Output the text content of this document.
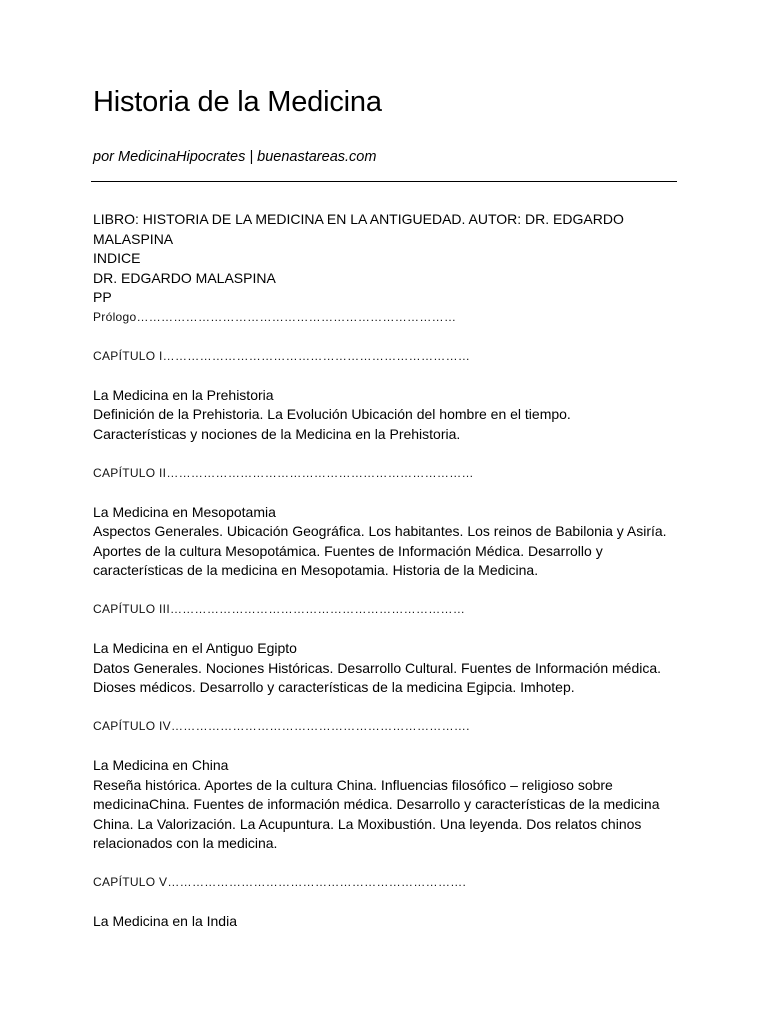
Historia de la Medicina
por MedicinaHipocrates | buenastareas.com

LIBRO: HISTORIA DE LA MEDICINA EN LA ANTIGUEDAD. AUTOR: DR. EDGARDO

MALASPINA

INDICE

DR. EDGARDO MALASPINA

PP

Prólogo……………………………………………………………………

CAPÍTULO I…………………………………………………………………

La Medicina en la Prehistoria

Definición de la Prehistoria. La Evolución Ubicación del hombre en el tiempo.

Características y nociones de la Medicina en la Prehistoria.

CAPÍTULO II…………………………………………………………………

La Medicina en Mesopotamia

Aspectos Generales. Ubicación Geográfica. Los habitantes. Los reinos de Babilonia y Asiría.

Aportes de la cultura Mesopotámica. Fuentes de Información Médica. Desarrollo y

características de la medicina en Mesopotamia. Historia de la Medicina.

CAPÍTULO III………………………………………………………………

La Medicina en el Antiguo Egipto

Datos Generales. Nociones Históricas. Desarrollo Cultural. Fuentes de Información médica.

Dioses médicos. Desarrollo y características de la medicina Egipcia. Imhotep.

CAPÍTULO IV……………………………………………………………….

La Medicina en China

Reseña histórica. Aportes de la cultura China. Influencias filosófico – religioso sobre

medicinaChina. Fuentes de información médica. Desarrollo y características de la medicina

China. La Valorización. La Acupuntura. La Moxibustión. Una leyenda. Dos relatos chinos

relacionados con la medicina.

CAPÍTULO V……………………………………………………………….

La Medicina en la India
